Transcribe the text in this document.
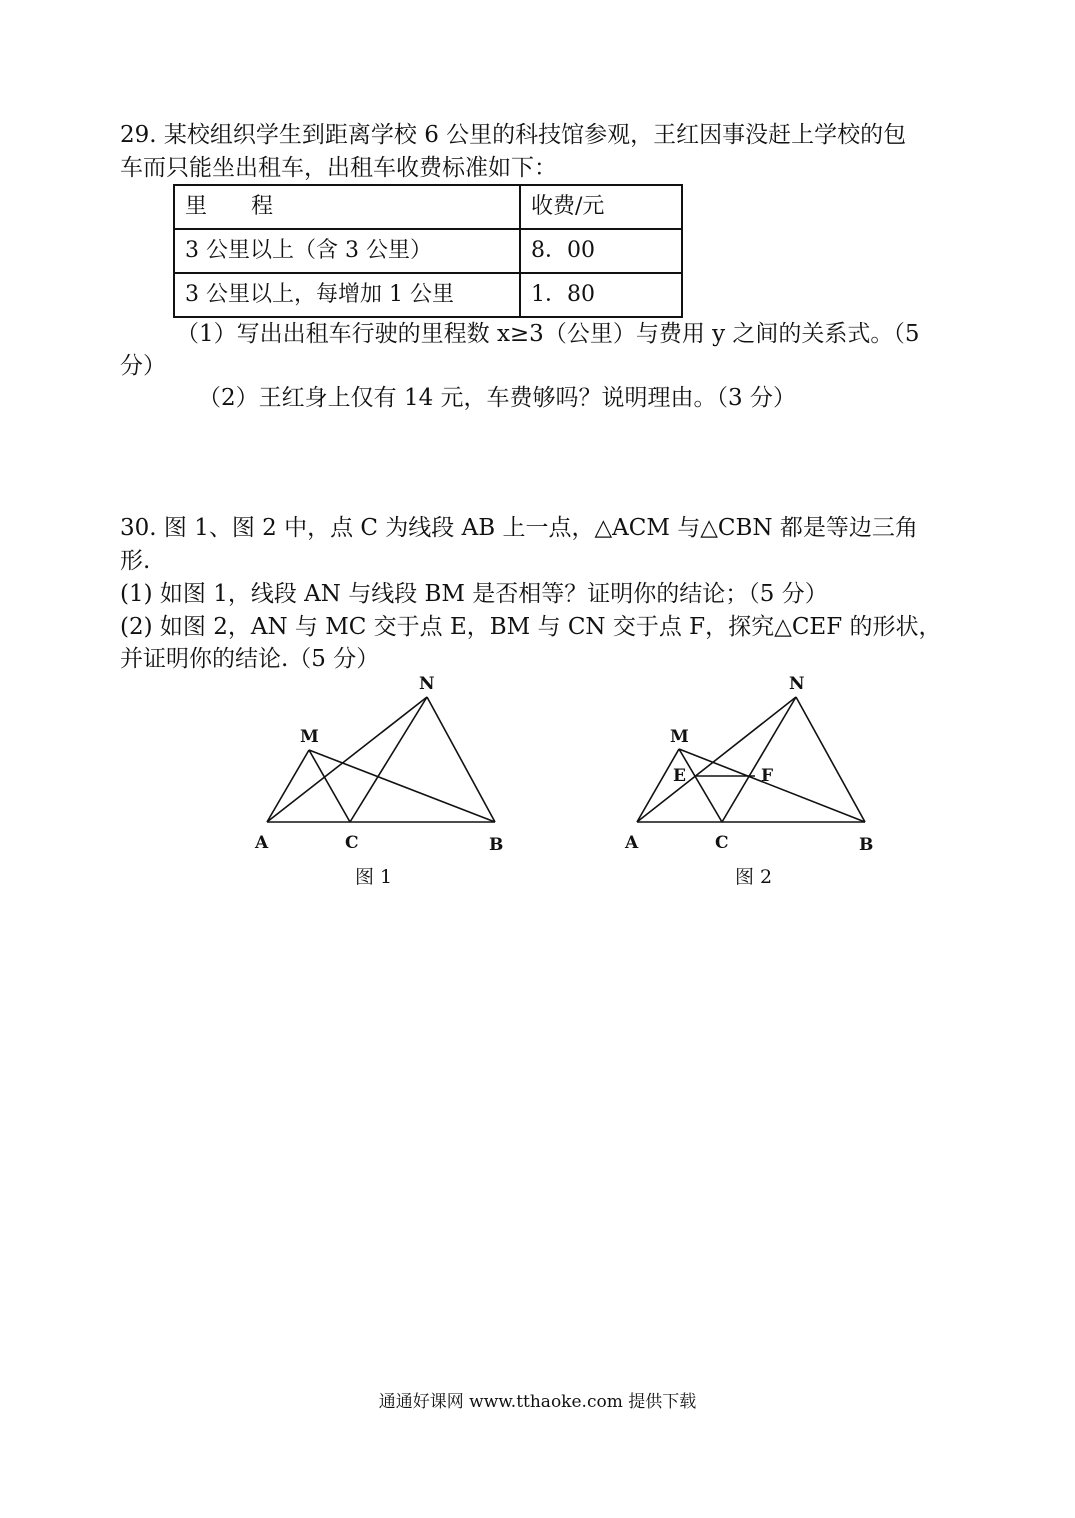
29. 某校组织学生到距离学校 6 公里的科技馆参观，王红因事没赶上学校的包
车而只能坐出租车，出租车收费标准如下：
里　　程	收费/元
3 公里以上（含 3 公里）	8．00
3 公里以上，每增加 1 公里	1．80
（1）写出出租车行驶的里程数 x≥3（公里）与费用 y 之间的关系式。（5
分）
（2）王红身上仅有 14 元，车费够吗？说明理由。（3 分）
30. 图 1、图 2 中，点 C 为线段 AB 上一点，△ACM 与△CBN 都是等边三角
形.
(1) 如图 1，线段 AN 与线段 BM 是否相等？证明你的结论；（5 分）
(2) 如图 2，AN 与 MC 交于点 E，BM 与 CN 交于点 F，探究△CEF 的形状，
并证明你的结论.（5 分）
A	C	B
M
N
图 1
A	C	B
M
N
E	F
图 2
通通好课网 www.tthaoke.com 提供下载
